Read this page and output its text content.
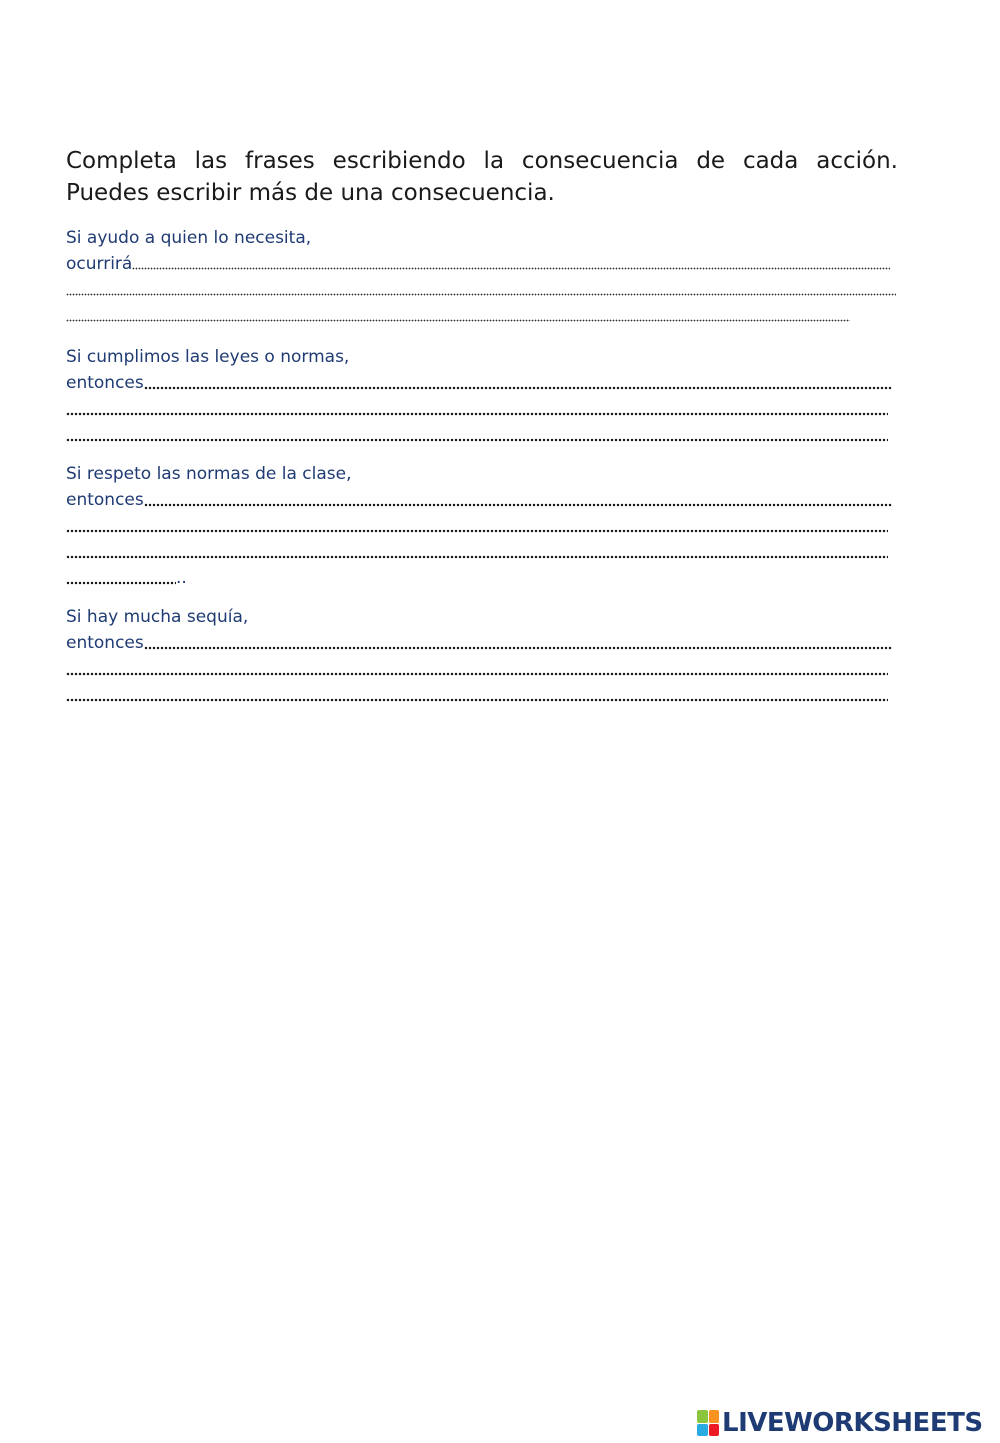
Completa las frases escribiendo la consecuencia de cada acción. Puedes escribir más de una consecuencia.
Si ayudo a quien lo necesita,
ocurrirá
Si cumplimos las leyes o normas,
entonces
Si respeto las normas de la clase,
entonces
..
Si hay mucha sequía,
entonces
LIVEWORKSHEETS
